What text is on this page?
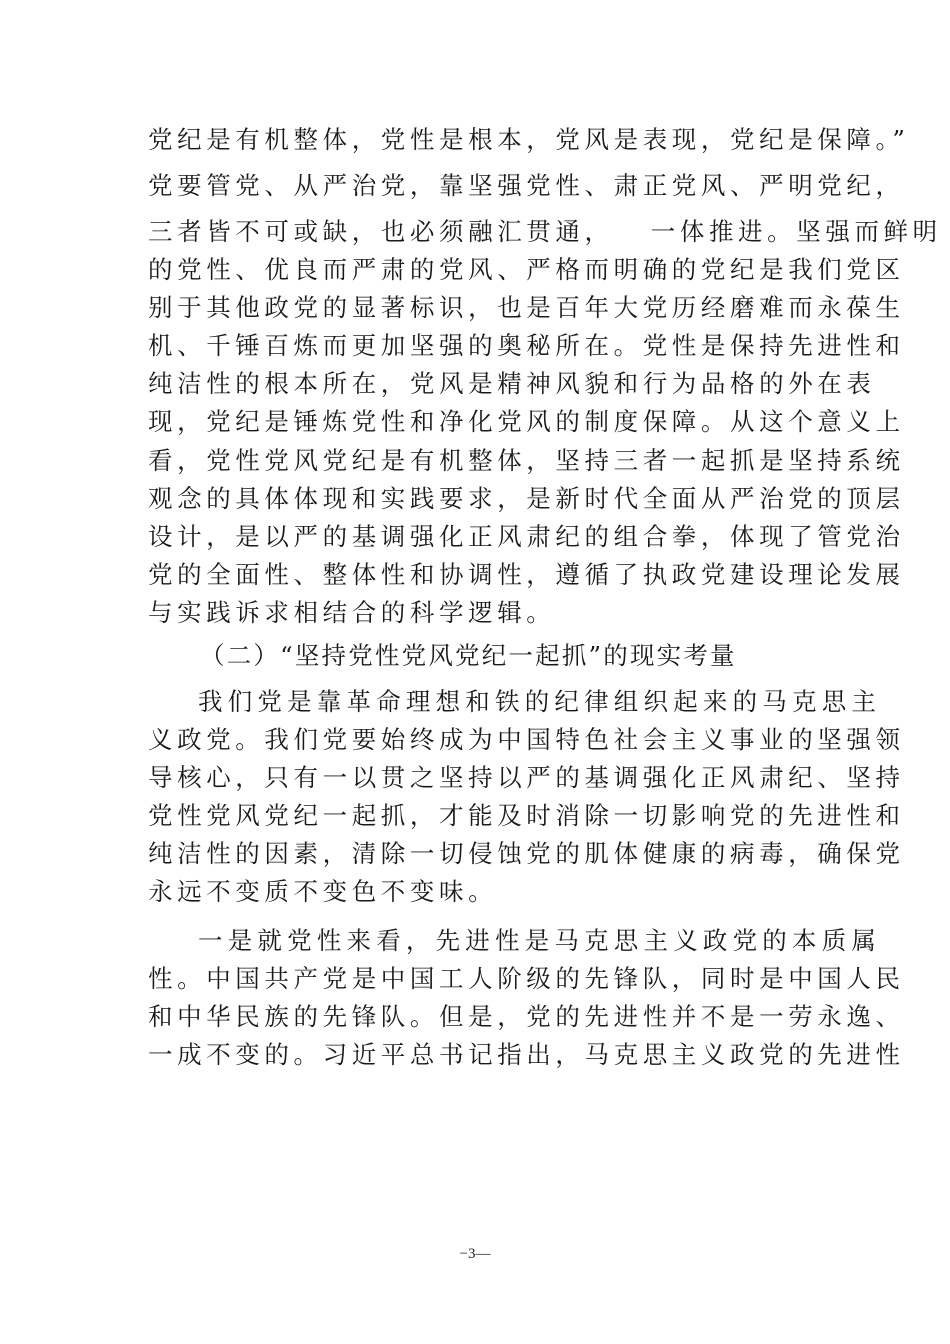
党纪是有机整体，党性是根本，党风是表现，党纪是保障。”
党要管党、从严治党，靠坚强党性、肃正党风、严明党纪，
三者皆不可或缺，也必须融汇贯通，   一体推进。坚强而鲜明
的党性、优良而严肃的党风、严格而明确的党纪是我们党区
别于其他政党的显著标识，也是百年大党历经磨难而永葆生
机、千锤百炼而更加坚强的奥秘所在。党性是保持先进性和
纯洁性的根本所在，党风是精神风貌和行为品格的外在表
现，党纪是锤炼党性和净化党风的制度保障。从这个意义上
看，党性党风党纪是有机整体，坚持三者一起抓是坚持系统
观念的具体体现和实践要求，是新时代全面从严治党的顶层
设计，是以严的基调强化正风肃纪的组合拳，体现了管党治
党的全面性、整体性和协调性，遵循了执政党建设理论发展
与实践诉求相结合的科学逻辑。
（二）“坚持党性党风党纪一起抓”的现实考量
我们党是靠革命理想和铁的纪律组织起来的马克思主
义政党。我们党要始终成为中国特色社会主义事业的坚强领
导核心，只有一以贯之坚持以严的基调强化正风肃纪、坚持
党性党风党纪一起抓，才能及时消除一切影响党的先进性和
纯洁性的因素，清除一切侵蚀党的肌体健康的病毒，确保党
永远不变质不变色不变味。
一是就党性来看，先进性是马克思主义政党的本质属
性。中国共产党是中国工人阶级的先锋队，同时是中国人民
和中华民族的先锋队。但是，党的先进性并不是一劳永逸、
一成不变的。习近平总书记指出，马克思主义政党的先进性
−3—
